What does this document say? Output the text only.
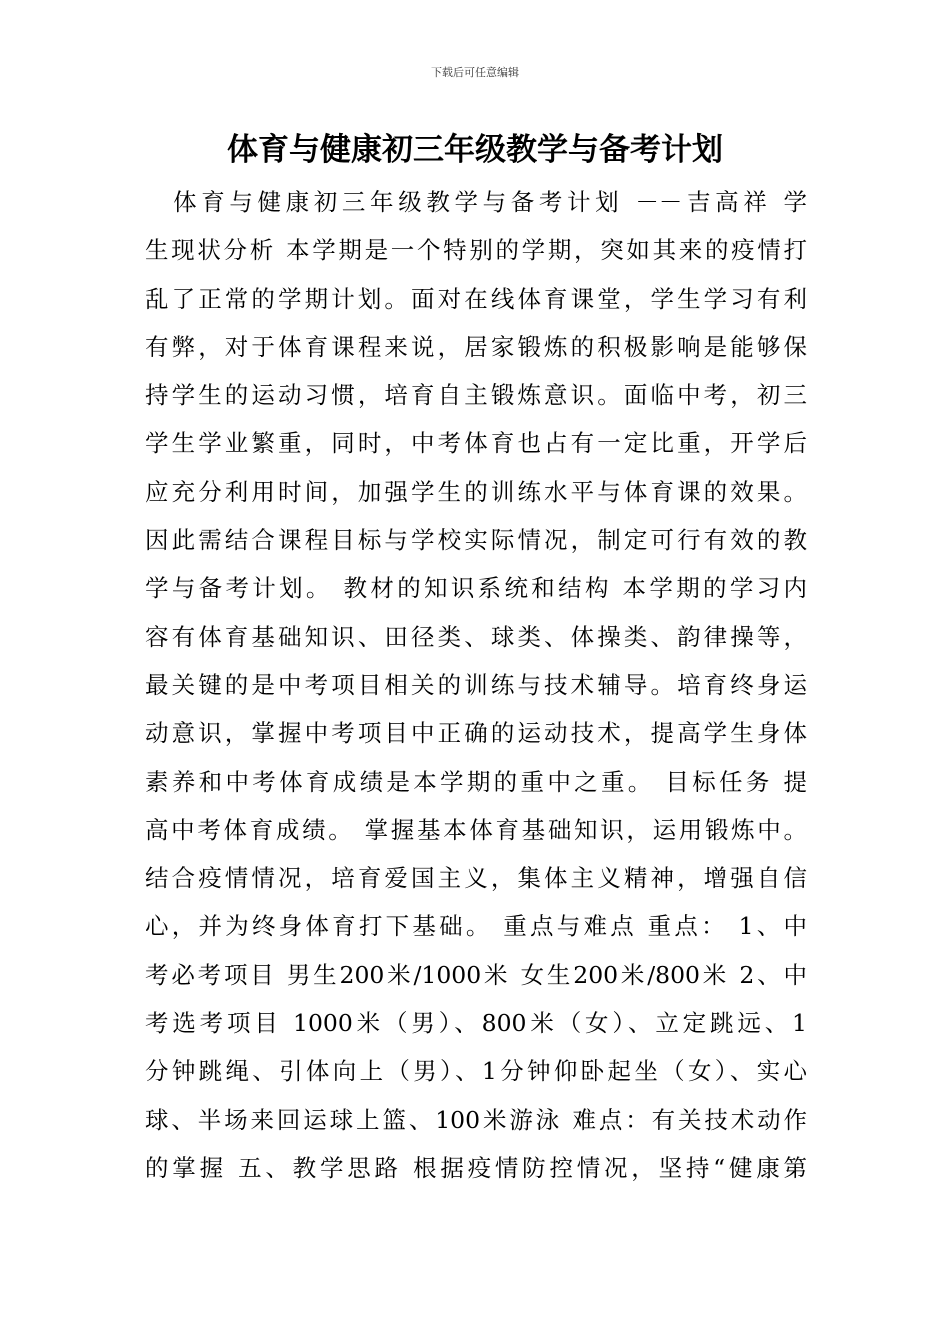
下载后可任意编辑
体育与健康初三年级教学与备考计划
　体育与健康初三年级教学与备考计划 －－吉高祥 学
生现状分析 本学期是一个特别的学期，突如其来的疫情打
乱了正常的学期计划。面对在线体育课堂，学生学习有利
有弊，对于体育课程来说，居家锻炼的积极影响是能够保
持学生的运动习惯，培育自主锻炼意识。面临中考，初三
学生学业繁重，同时，中考体育也占有一定比重，开学后
应充分利用时间，加强学生的训练水平与体育课的效果。
因此需结合课程目标与学校实际情况，制定可行有效的教
学与备考计划。 教材的知识系统和结构 本学期的学习内
容有体育基础知识、田径类、球类、体操类、韵律操等，
最关键的是中考项目相关的训练与技术辅导。培育终身运
动意识，掌握中考项目中正确的运动技术，提高学生身体
素养和中考体育成绩是本学期的重中之重。 目标任务 提
高中考体育成绩。 掌握基本体育基础知识，运用锻炼中。
结合疫情情况，培育爱国主义，集体主义精神，增强自信
心，并为终身体育打下基础。 重点与难点 重点： 1、中
考必考项目 男生200米/1000米 女生200米/800米 2、中
考选考项目 1000米（男）、800米（女）、立定跳远、1
分钟跳绳、引体向上（男）、1分钟仰卧起坐（女）、实心
球、半场来回运球上篮、100米游泳 难点：有关技术动作
的掌握 五、教学思路 根据疫情防控情况，坚持“健康第
